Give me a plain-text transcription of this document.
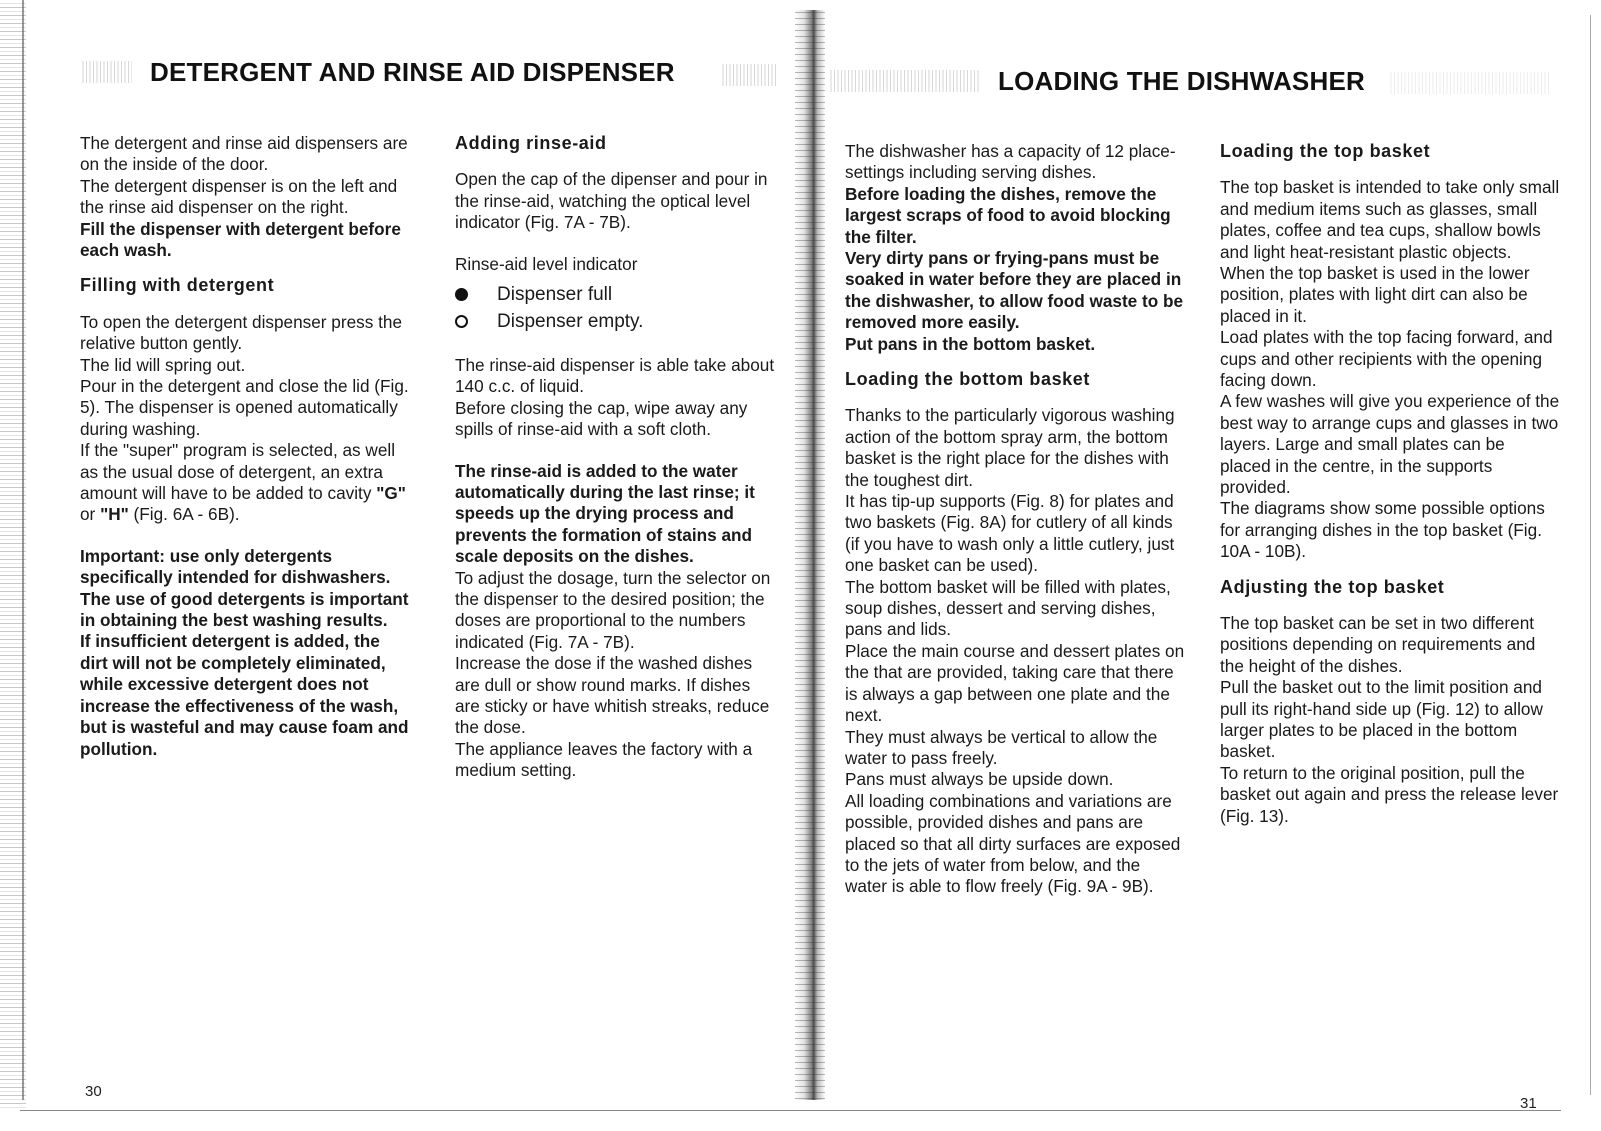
DETERGENT AND RINSE AID DISPENSER

The detergent and rinse aid dispensers are on the inside of the door.

The detergent dispenser is on the left and the rinse aid dispenser on the right.

Fill the dispenser with detergent before each wash.

Filling with detergent

To open the detergent dispenser press the relative button gently.

The lid will spring out.

Pour in the detergent and close the lid (Fig. 5). The dispenser is opened automatically during washing.

If the "super" program is selected, as well as the usual dose of detergent, an extra amount will have to be added to cavity "G" or "H" (Fig. 6A - 6B).

Important: use only detergents specifically intended for dishwashers. The use of good detergents is important in obtaining the best washing results.

If insufficient detergent is added, the dirt will not be completely eliminated, while excessive detergent does not increase the effectiveness of the wash, but is wasteful and may cause foam and pollution.

Adding rinse-aid

Open the cap of the dipenser and pour in the rinse-aid, watching the optical level indicator (Fig. 7A - 7B).

Rinse-aid level indicator

Dispenser full
Dispenser empty.

The rinse-aid dispenser is able take about 140 c.c. of liquid.

Before closing the cap, wipe away any spills of rinse-aid with a soft cloth.

The rinse-aid is added to the water automatically during the last rinse; it speeds up the drying process and prevents the formation of stains and scale deposits on the dishes.

To adjust the dosage, turn the selector on the dispenser to the desired position; the doses are proportional to the numbers indicated (Fig. 7A - 7B).

Increase the dose if the washed dishes are dull or show round marks. If dishes are sticky or have whitish streaks, reduce the dose.

The appliance leaves the factory with a medium setting.

30
LOADING THE DISHWASHER

The dishwasher has a capacity of 12 place-settings including serving dishes.

Before loading the dishes, remove the largest scraps of food to avoid blocking the filter.

Very dirty pans or frying-pans must be soaked in water before they are placed in the dishwasher, to allow food waste to be removed more easily.

Put pans in the bottom basket.

Loading the bottom basket

Thanks to the particularly vigorous washing action of the bottom spray arm, the bottom basket is the right place for the dishes with the toughest dirt.

It has tip-up supports (Fig. 8) for plates and two baskets (Fig. 8A) for cutlery of all kinds (if you have to wash only a little cutlery, just one basket can be used).

The bottom basket will be filled with plates, soup dishes, dessert and serving dishes, pans and lids.

Place the main course and dessert plates on the that are provided, taking care that there is always a gap between one plate and the next.

They must always be vertical to allow the water to pass freely.

Pans must always be upside down.

All loading combinations and variations are possible, provided dishes and pans are placed so that all dirty surfaces are exposed to the jets of water from below, and the water is able to flow freely (Fig. 9A - 9B).

Loading the top basket

The top basket is intended to take only small and medium items such as glasses, small plates, coffee and tea cups, shallow bowls and light heat-resistant plastic objects.

When the top basket is used in the lower position, plates with light dirt can also be placed in it.

Load plates with the top facing forward, and cups and other recipients with the opening facing down.

A few washes will give you experience of the best way to arrange cups and glasses in two layers. Large and small plates can be placed in the centre, in the supports provided.

The diagrams show some possible options for arranging dishes in the top basket (Fig. 10A - 10B).

Adjusting the top basket

The top basket can be set in two different positions depending on requirements and the height of the dishes.

Pull the basket out to the limit position and pull its right-hand side up (Fig. 12) to allow larger plates to be placed in the bottom basket.

To return to the original position, pull the basket out again and press the release lever (Fig. 13).

31
